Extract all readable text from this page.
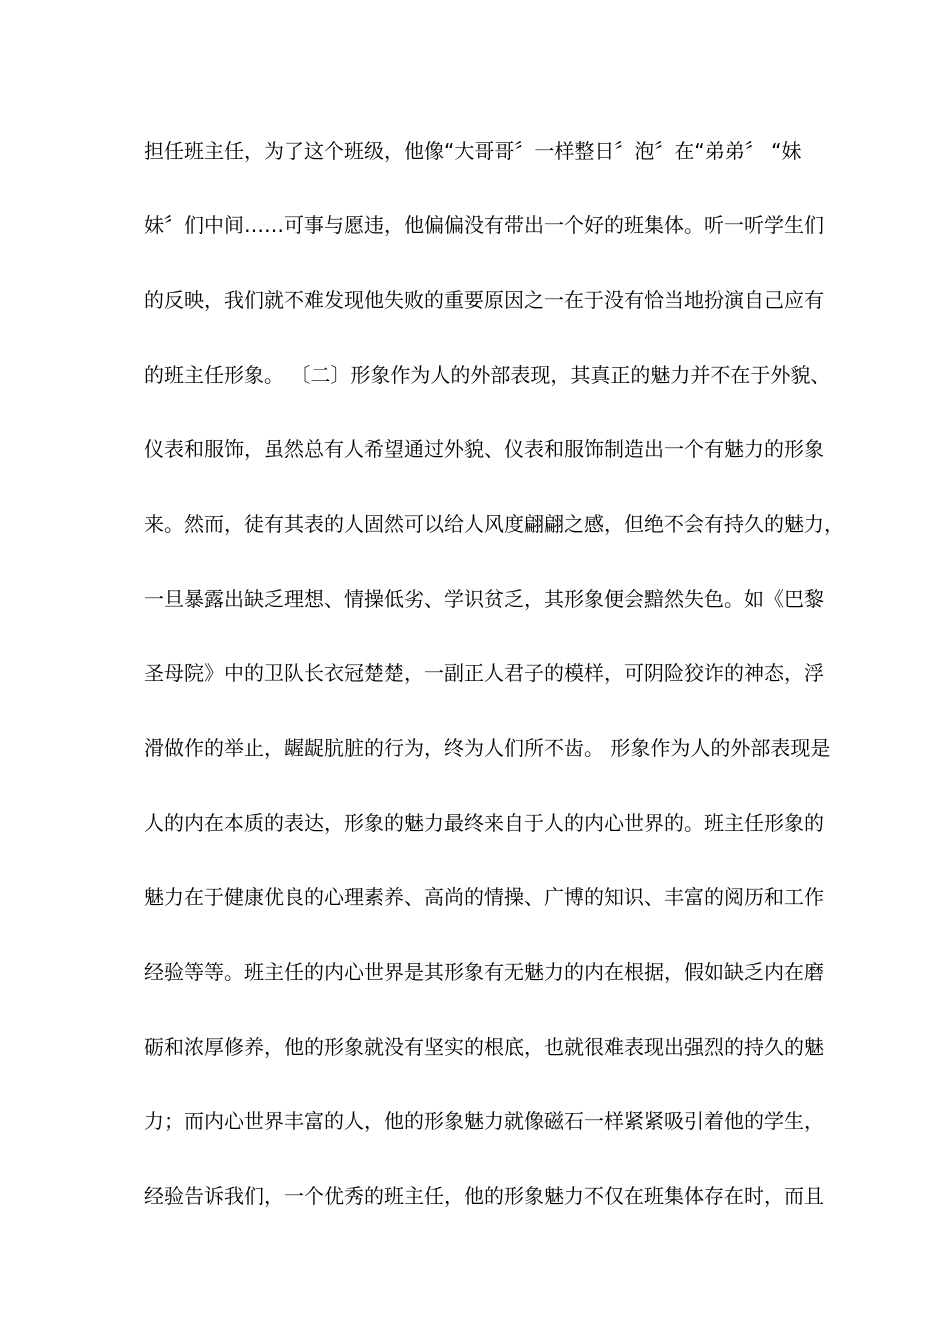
担任班主任，为了这个班级，他像“大哥哥〞一样整日〞泡〞在“弟弟〞 “妹
妹〞们中间……可事与愿违，他偏偏没有带出一个好的班集体。听一听学生们
的反映，我们就不难发现他失败的重要原因之一在于没有恰当地扮演自己应有
的班主任形象。 〔二〕形象作为人的外部表现，其真正的魅力并不在于外貌、
仪表和服饰，虽然总有人希望通过外貌、仪表和服饰制造出一个有魅力的形象
来。然而，徒有其表的人固然可以给人风度翩翩之感，但绝不会有持久的魅力，
一旦暴露出缺乏理想、情操低劣、学识贫乏，其形象便会黯然失色。如《巴黎
圣母院》中的卫队长衣冠楚楚，一副正人君子的模样，可阴险狡诈的神态，浮
滑做作的举止，龌龊肮脏的行为，终为人们所不齿。 形象作为人的外部表现是
人的内在本质的表达，形象的魅力最终来自于人的内心世界的。班主任形象的
魅力在于健康优良的心理素养、高尚的情操、广博的知识、丰富的阅历和工作
经验等等。班主任的内心世界是其形象有无魅力的内在根据，假如缺乏内在磨
砺和浓厚修养，他的形象就没有坚实的根底，也就很难表现出强烈的持久的魅
力；而内心世界丰富的人，他的形象魅力就像磁石一样紧紧吸引着他的学生，
经验告诉我们，一个优秀的班主任，他的形象魅力不仅在班集体存在时，而且
